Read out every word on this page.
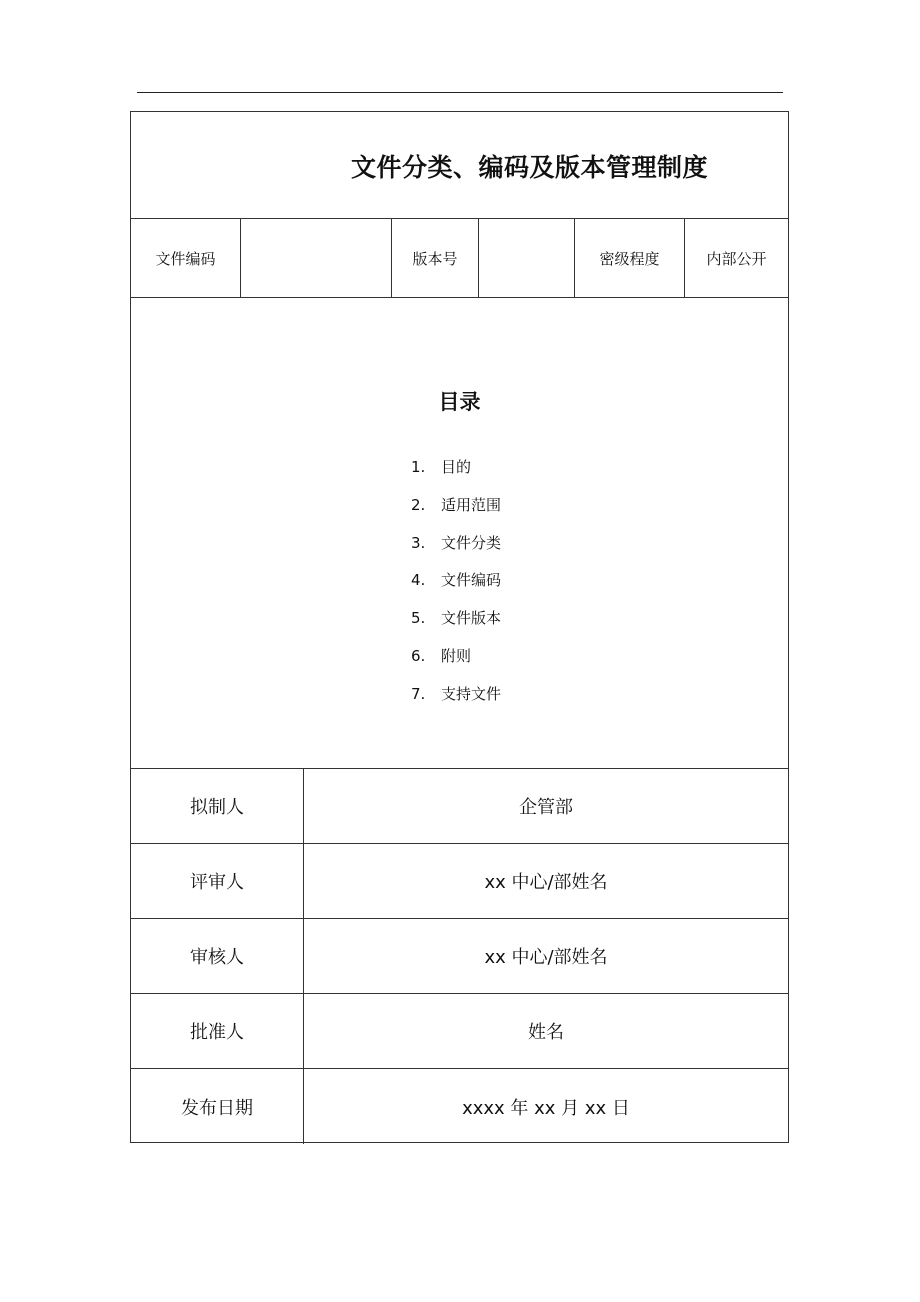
文件分类、编码及版本管理制度
文件编码	版本号	密级程度	内部公开
目录
1. 目的
2. 适用范围
3. 文件分类
4. 文件编码
5. 文件版本
6. 附则
7. 支持文件
拟制人	企管部
评审人	xx 中心/部姓名
审核人	xx 中心/部姓名
批准人	姓名
发布日期	xxxx 年 xx 月 xx 日
